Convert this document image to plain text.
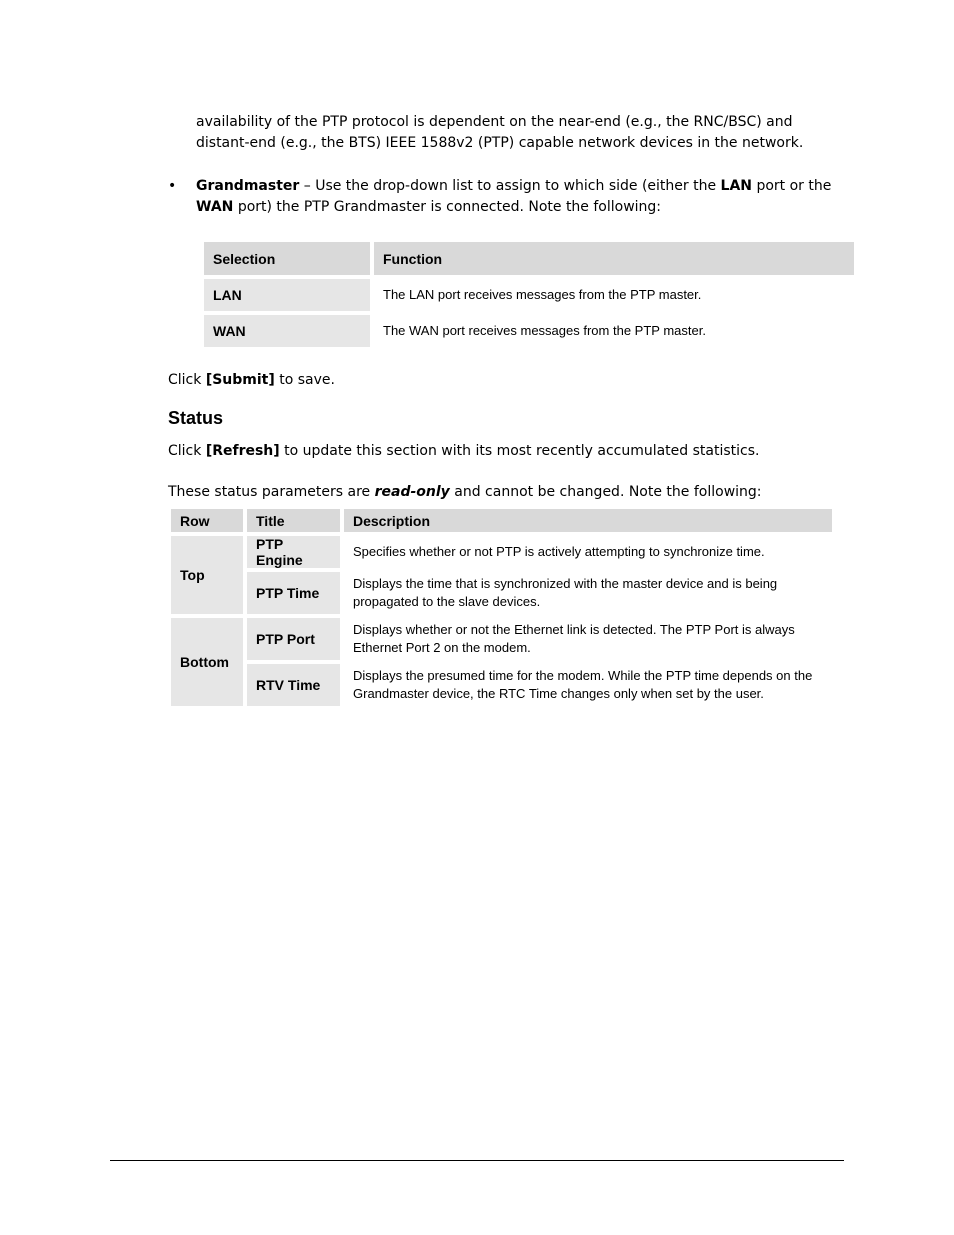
availability of the PTP protocol is dependent on the near-end (e.g., the RNC/BSC) and

distant-end (e.g., the BTS) IEEE 1588v2 (PTP) capable network devices in the network.

• Grandmaster – Use the drop-down list to assign to which side (either the LAN port or the

WAN port) the PTP Grandmaster is connected. Note the following:

Selection	Function
LAN	The LAN port receives messages from the PTP master.
WAN	The WAN port receives messages from the PTP master.

Click [Submit] to save.

Status

Click [Refresh] to update this section with its most recently accumulated statistics.

These status parameters are read-only and cannot be changed. Note the following:

Row	Title	Description
Top	PTP Engine	Specifies whether or not PTP is actively attempting to synchronize time.
	PTP Time	Displays the time that is synchronized with the master device and is being propagated to the slave devices.
Bottom	PTP Port	Displays whether or not the Ethernet link is detected. The PTP Port is always Ethernet Port 2 on the modem.
	RTV Time	Displays the presumed time for the modem. While the PTP time depends on the Grandmaster device, the RTC Time changes only when set by the user.
